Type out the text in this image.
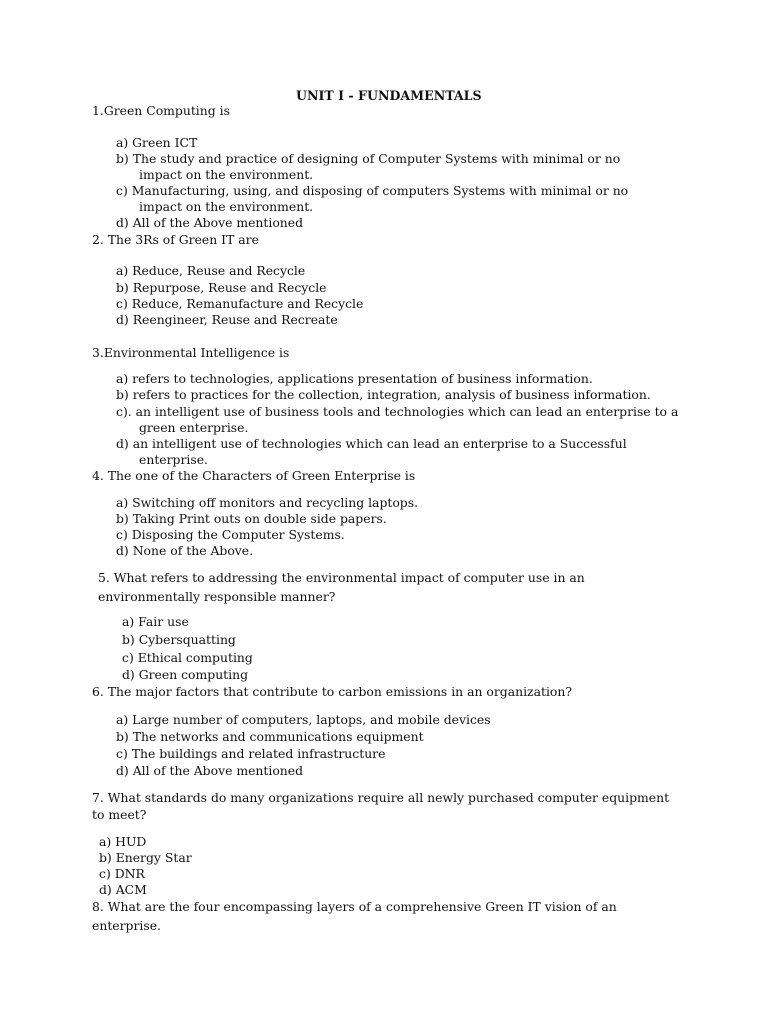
UNIT I - FUNDAMENTALS
1.Green Computing is
a) Green ICT
b) The study and practice of designing of Computer Systems with minimal or no
impact on the environment.
c) Manufacturing, using, and disposing of computers Systems with minimal or no
impact on the environment.
d) All of the Above mentioned
2. The 3Rs of Green IT are
a) Reduce, Reuse and Recycle
b) Repurpose, Reuse and Recycle
c) Reduce, Remanufacture and Recycle
d) Reengineer, Reuse and Recreate
3.Environmental Intelligence is
a) refers to technologies, applications presentation of business information.
b) refers to practices for the collection, integration, analysis of business information.
c). an intelligent use of business tools and technologies which can lead an enterprise to a
green enterprise.
d) an intelligent use of technologies which can lead an enterprise to a Successful
enterprise.
4. The one of the Characters of Green Enterprise is
a) Switching off monitors and recycling laptops.
b) Taking Print outs on double side papers.
c) Disposing the Computer Systems.
d) None of the Above.
5. What refers to addressing the environmental impact of computer use in an
environmentally responsible manner?
a) Fair use
b) Cybersquatting
c) Ethical computing
d) Green computing
6. The major factors that contribute to carbon emissions in an organization?
a) Large number of computers, laptops, and mobile devices
b) The networks and communications equipment
c) The buildings and related infrastructure
d) All of the Above mentioned
7. What standards do many organizations require all newly purchased computer equipment
to meet?
a) HUD
b) Energy Star
c) DNR
d) ACM
8. What are the four encompassing layers of a comprehensive Green IT vision of an
enterprise.
